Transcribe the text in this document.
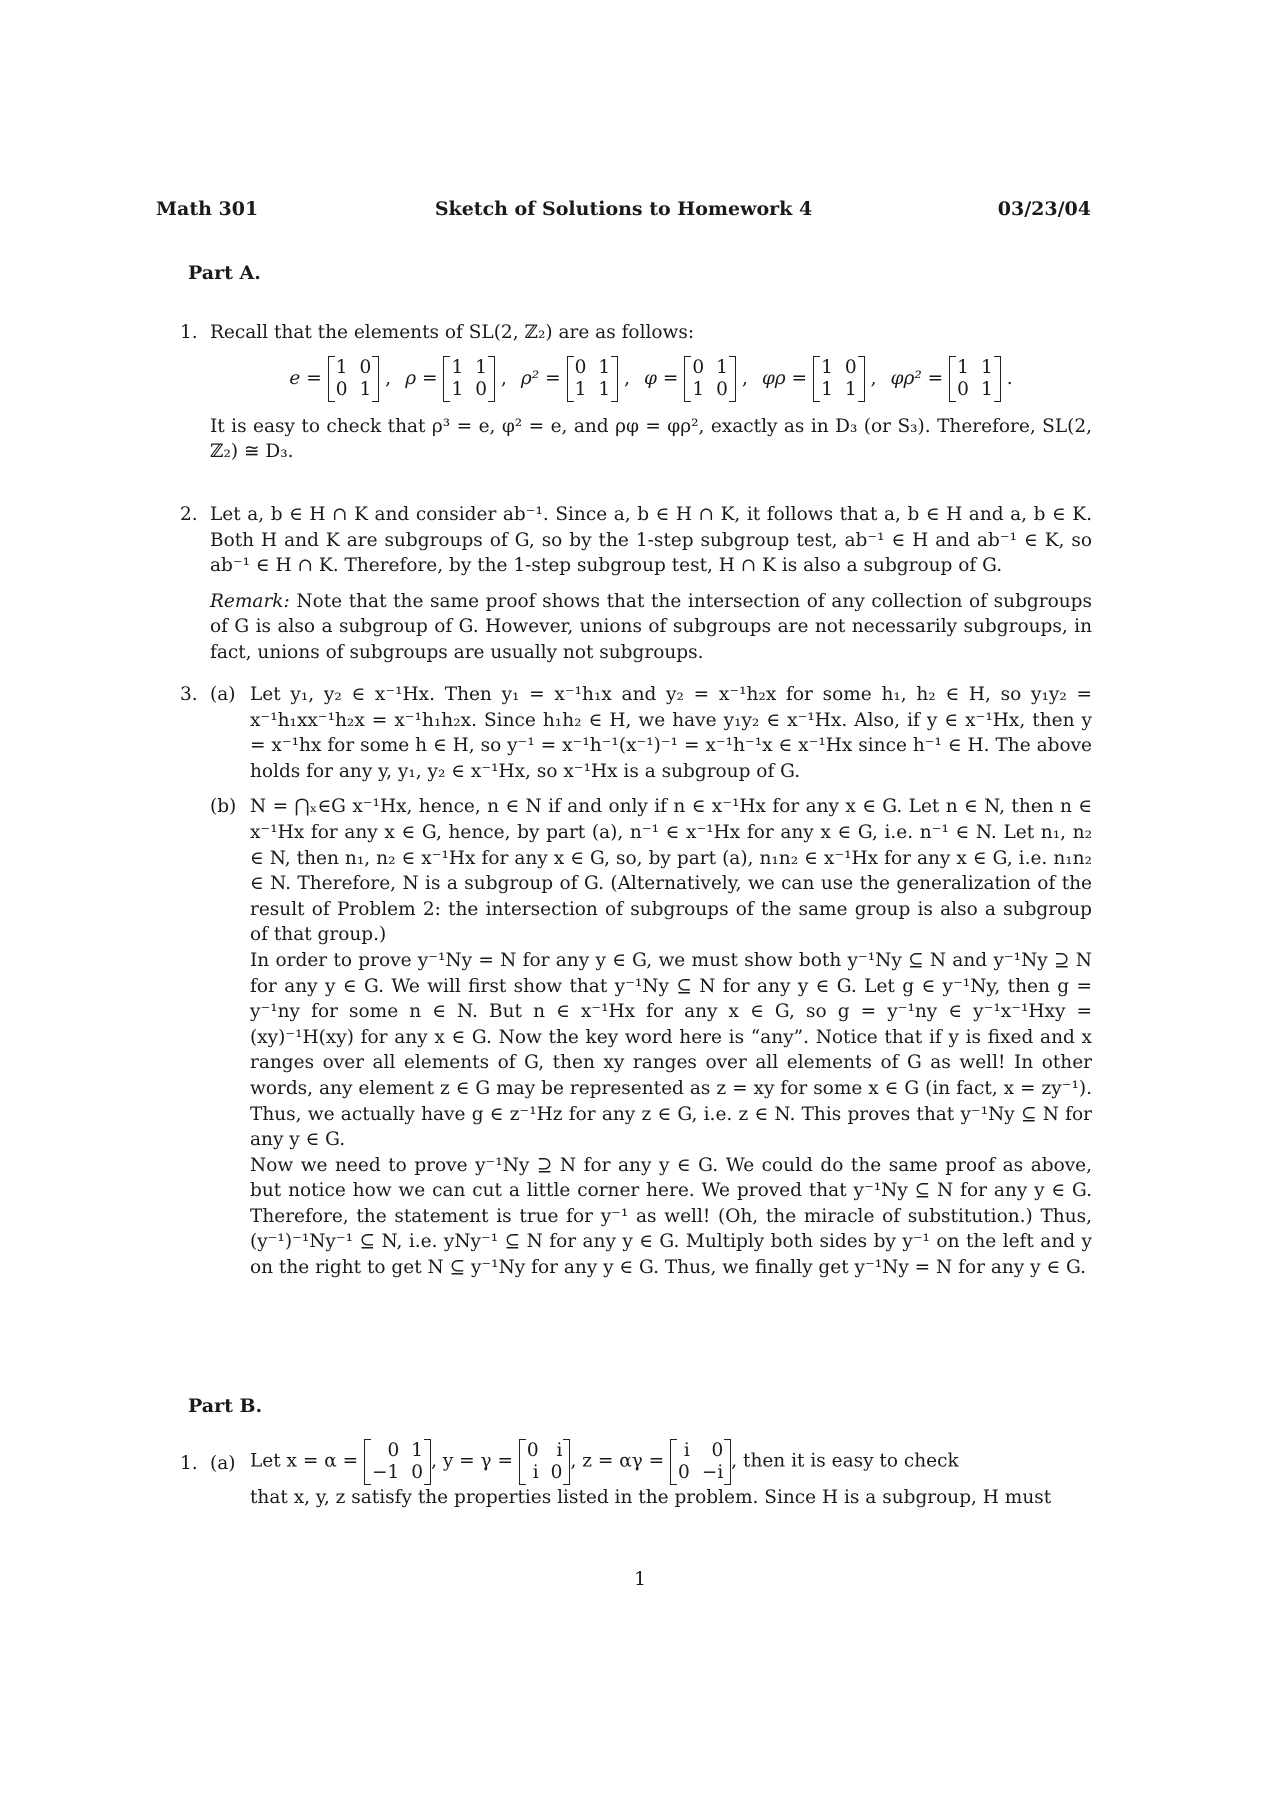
Math 301	Sketch of Solutions to Homework 4	03/23/04
Part A.
1. Recall that the elements of SL(2, ℤ₂) are as follows:

e =
1 0
0 1
, ρ =
1 1
1 0
, ρ² =
0 1
1 1
, φ =
0 1
1 0
, φρ =
1 0
1 1
, φρ² =
1 1
0 1
.

It is easy to check that ρ³ = e, φ² = e, and ρφ = φρ², exactly as in D₃ (or S₃). Therefore, SL(2, ℤ₂) ≅ D₃.

2. Let a, b ∈ H ∩ K and consider ab⁻¹. Since a, b ∈ H ∩ K, it follows that a, b ∈ H and a, b ∈ K. Both H and K are subgroups of G, so by the 1-step subgroup test, ab⁻¹ ∈ H and ab⁻¹ ∈ K, so ab⁻¹ ∈ H ∩ K. Therefore, by the 1-step subgroup test, H ∩ K is also a subgroup of G.

Remark: Note that the same proof shows that the intersection of any collection of subgroups of G is also a subgroup of G. However, unions of subgroups are not necessarily subgroups, in fact, unions of subgroups are usually not subgroups.

3. (a) Let y₁, y₂ ∈ x⁻¹Hx. Then y₁ = x⁻¹h₁x and y₂ = x⁻¹h₂x for some h₁, h₂ ∈ H, so y₁y₂ = x⁻¹h₁xx⁻¹h₂x = x⁻¹h₁h₂x. Since h₁h₂ ∈ H, we have y₁y₂ ∈ x⁻¹Hx. Also, if y ∈ x⁻¹Hx, then y = x⁻¹hx for some h ∈ H, so y⁻¹ = x⁻¹h⁻¹(x⁻¹)⁻¹ = x⁻¹h⁻¹x ∈ x⁻¹Hx since h⁻¹ ∈ H. The above holds for any y, y₁, y₂ ∈ x⁻¹Hx, so x⁻¹Hx is a subgroup of G.

(b) N = ⋂ₓ∈G x⁻¹Hx, hence, n ∈ N if and only if n ∈ x⁻¹Hx for any x ∈ G. Let n ∈ N, then n ∈ x⁻¹Hx for any x ∈ G, hence, by part (a), n⁻¹ ∈ x⁻¹Hx for any x ∈ G, i.e. n⁻¹ ∈ N. Let n₁, n₂ ∈ N, then n₁, n₂ ∈ x⁻¹Hx for any x ∈ G, so, by part (a), n₁n₂ ∈ x⁻¹Hx for any x ∈ G, i.e. n₁n₂ ∈ N. Therefore, N is a subgroup of G. (Alternatively, we can use the generalization of the result of Problem 2: the intersection of subgroups of the same group is also a subgroup of that group.)

In order to prove y⁻¹Ny = N for any y ∈ G, we must show both y⁻¹Ny ⊆ N and y⁻¹Ny ⊇ N for any y ∈ G. We will first show that y⁻¹Ny ⊆ N for any y ∈ G. Let g ∈ y⁻¹Ny, then g = y⁻¹ny for some n ∈ N. But n ∈ x⁻¹Hx for any x ∈ G, so g = y⁻¹ny ∈ y⁻¹x⁻¹Hxy = (xy)⁻¹H(xy) for any x ∈ G. Now the key word here is “any”. Notice that if y is fixed and x ranges over all elements of G, then xy ranges over all elements of G as well! In other words, any element z ∈ G may be represented as z = xy for some x ∈ G (in fact, x = zy⁻¹). Thus, we actually have g ∈ z⁻¹Hz for any z ∈ G, i.e. z ∈ N. This proves that y⁻¹Ny ⊆ N for any y ∈ G.

Now we need to prove y⁻¹Ny ⊇ N for any y ∈ G. We could do the same proof as above, but notice how we can cut a little corner here. We proved that y⁻¹Ny ⊆ N for any y ∈ G. Therefore, the statement is true for y⁻¹ as well! (Oh, the miracle of substitution.) Thus, (y⁻¹)⁻¹Ny⁻¹ ⊆ N, i.e. yNy⁻¹ ⊆ N for any y ∈ G. Multiply both sides by y⁻¹ on the left and y on the right to get N ⊆ y⁻¹Ny for any y ∈ G. Thus, we finally get y⁻¹Ny = N for any y ∈ G.

Part B.
1. (a) Let x = α =	0 1
−1 0
, y = γ = 0 i
i 0
, z = αγ =	i	0
0 −i
, then it is easy to check

that x, y, z satisfy the properties listed in the problem. Since H is a subgroup, H must

1
